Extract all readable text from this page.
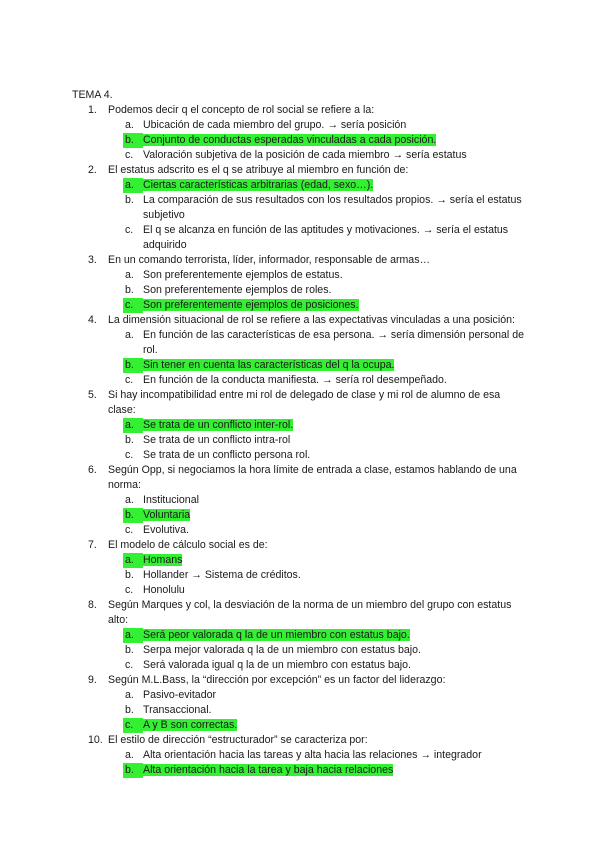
TEMA 4.
1.	Podemos decir q el concepto de rol social se refiere a la:
a. Ubicación de cada miembro del grupo. → sería posición
b. Conjunto de conductas esperadas vinculadas a cada posición.
c. Valoración subjetiva de la posición de cada miembro → sería estatus
2.	El estatus adscrito es el q se atribuye al miembro en función de:
a. Ciertas características arbitrarias (edad, sexo…).
b. La comparación de sus resultados con los resultados propios. → sería el estatus subjetivo
c. El q se alcanza en función de las aptitudes y motivaciones. → sería el estatus adquirido
3.	En un comando terrorista, líder, informador, responsable de armas…
a. Son preferentemente ejemplos de estatus.
b. Son preferentemente ejemplos de roles.
c. Son preferentemente ejemplos de posiciones.
4.	La dimensión situacional de rol se refiere a las expectativas vinculadas a una posición:
a. En función de las características de esa persona. → sería dimensión personal de rol.
b. Sin tener en cuenta las características del q la ocupa.
c. En función de la conducta manifiesta. → sería rol desempeñado.
5.	Si hay incompatibilidad entre mi rol de delegado de clase y mi rol de alumno de esa clase:
a. Se trata de un conflicto inter-rol.
b. Se trata de un conflicto intra-rol
c. Se trata de un conflicto persona rol.
6.	Según Opp, si negociamos la hora límite de entrada a clase, estamos hablando de una norma:
a. Institucional
b. Voluntaria
c. Evolutiva.
7.	El modelo de cálculo social es de:
a. Homans
b. Hollander → Sistema de créditos.
c. Honolulu
8.	Según Marques y col, la desviación de la norma de un miembro del grupo con estatus alto:
a. Será peor valorada q la de un miembro con estatus bajo.
b. Serpa mejor valorada q la de un miembro con estatus bajo.
c. Será valorada igual q la de un miembro con estatus bajo.
9.	Según M.L.Bass, la “dirección por excepción” es un factor del liderazgo:
a. Pasivo-evitador
b. Transaccional.
c. A y B son correctas.
10. El estilo de dirección “estructurador” se caracteriza por:
a. Alta orientación hacia las tareas y alta hacia las relaciones → integrador
b. Alta orientación hacia la tarea y baja hacia relaciones
